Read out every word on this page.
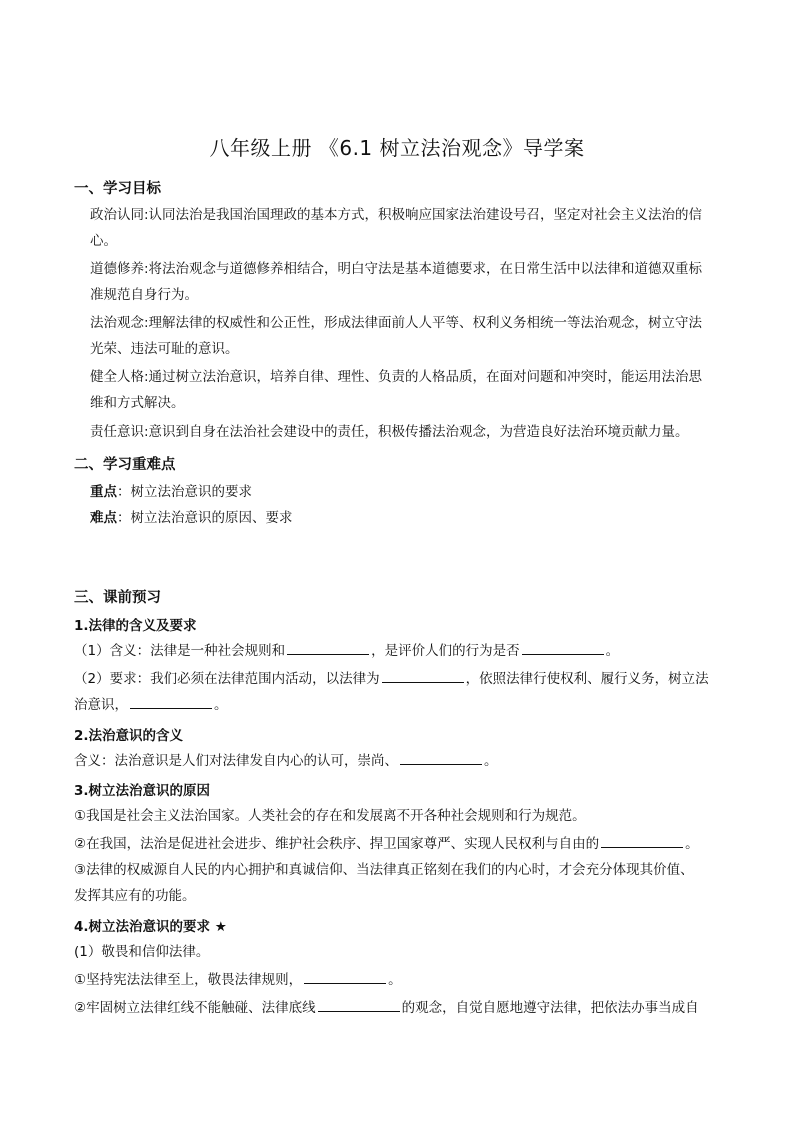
八年级上册 《6.1 树立法治观念》导学案
一、学习目标
政治认同:认同法治是我国治国理政的基本方式，积极响应国家法治建设号召，坚定对社会主义法治的信
心。
道德修养:将法治观念与道德修养相结合，明白守法是基本道德要求，在日常生活中以法律和道德双重标
准规范自身行为。
法治观念:理解法律的权威性和公正性，形成法律面前人人平等、权利义务相统一等法治观念，树立守法
光荣、违法可耻的意识。
健全人格:通过树立法治意识，培养自律、理性、负责的人格品质，在面对问题和冲突时，能运用法治思
维和方式解决。
责任意识:意识到自身在法治社会建设中的责任，积极传播法治观念，为营造良好法治环境贡献力量。
二、学习重难点
重点：树立法治意识的要求
难点：树立法治意识的原因、要求
三、课前预习
1.法律的含义及要求
（1）含义：法律是一种社会规则和	，是评价人们的行为是否	。
（2）要求：我们必须在法律范围内活动，以法律为	，依照法律行使权利、履行义务，树立法
治意识，	。
2.法治意识的含义
含义：法治意识是人们对法律发自内心的认可，崇尚、	。
3.树立法治意识的原因
①我国是社会主义法治国家。人类社会的存在和发展离不开各种社会规则和行为规范。
②在我国，法治是促进社会进步、维护社会秩序、捍卫国家尊严、实现人民权利与自由的	。
③法律的权威源自人民的内心拥护和真诚信仰、当法律真正铭刻在我们的内心时，才会充分体现其价值、
发挥其应有的功能。
4.树立法治意识的要求 ★
(1）敬畏和信仰法律。
①坚持宪法法律至上，敬畏法律规则，	。
②牢固树立法律红线不能触碰、法律底线	的观念，自觉自愿地遵守法律，把依法办事当成自
